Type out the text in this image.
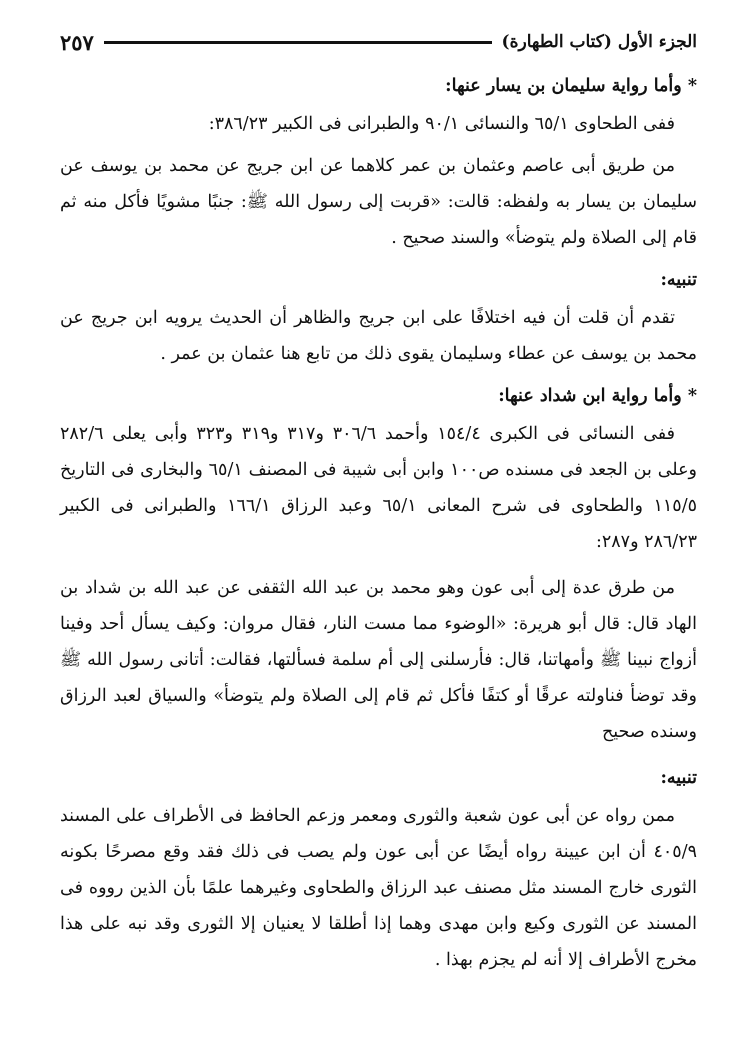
الجزء الأول (كتاب الطهارة)
٢٥٧

* وأما رواية سليمان بن يسار عنها:

ففى الطحاوى ٦٥/١ والنسائى ٩٠/١ والطبرانى فى الكبير ٣٨٦/٢٣:

من طريق أبى عاصم وعثمان بن عمر كلاهما عن ابن جريج عن محمد بن يوسف عن سليمان بن يسار به ولفظه: قالت: «قربت إلى رسول الله ﷺ: جنبًا مشويًا فأكل منه ثم قام إلى الصلاة ولم يتوضأ» والسند صحيح .

تنبيه:

تقدم أن قلت أن فيه اختلافًا على ابن جريج والظاهر أن الحديث يرويه ابن جريج عن محمد بن يوسف عن عطاء وسليمان يقوى ذلك من تابع هنا عثمان بن عمر .

* وأما رواية ابن شداد عنها:

ففى النسائى فى الكبرى ١٥٤/٤ وأحمد ٣٠٦/٦ و٣١٧ و٣١٩ و٣٢٣ وأبى يعلى ٢٨٢/٦ وعلى بن الجعد فى مسنده ص١٠٠ وابن أبى شيبة فى المصنف ٦٥/١ والبخارى فى التاريخ ١١٥/٥ والطحاوى فى شرح المعانى ٦٥/١ وعبد الرزاق ١٦٦/١ والطبرانى فى الكبير ٢٨٦/٢٣ و٢٨٧:

من طرق عدة إلى أبى عون وهو محمد بن عبد الله الثقفى عن عبد الله بن شداد بن الهاد قال: قال أبو هريرة: «الوضوء مما مست النار، فقال مروان: وكيف يسأل أحد وفينا أزواج نبينا ﷺ وأمهاتنا، قال: فأرسلنى إلى أم سلمة فسألتها، فقالت: أتانى رسول الله ﷺ وقد توضأ فناولته عرقًا أو كتفًا فأكل ثم قام إلى الصلاة ولم يتوضأ» والسياق لعبد الرزاق وسنده صحيح

تنبيه:

ممن رواه عن أبى عون شعبة والثورى ومعمر وزعم الحافظ فى الأطراف على المسند ٤٠٥/٩ أن ابن عيينة رواه أيضًا عن أبى عون ولم يصب فى ذلك فقد وقع مصرحًا بكونه الثورى خارج المسند مثل مصنف عبد الرزاق والطحاوى وغيرهما علمًا بأن الذين رووه فى المسند عن الثورى وكيع وابن مهدى وهما إذا أطلقا لا يعنيان إلا الثورى وقد نبه على هذا مخرج الأطراف إلا أنه لم يجزم بهذا .
